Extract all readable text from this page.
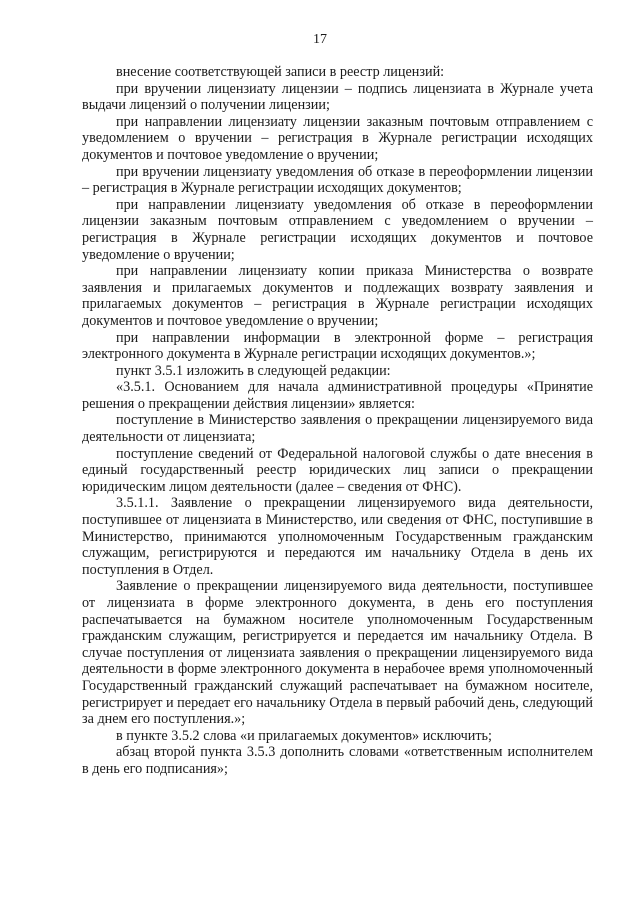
17

внесение соответствующей записи в реестр лицензий:

при вручении лицензиату лицензии – подпись лицензиата в Журнале учета выдачи лицензий о получении лицензии;

при направлении лицензиату лицензии заказным почтовым отправлением с уведомлением о вручении – регистрация в Журнале регистрации исходящих документов и почтовое уведомление о вручении;

при вручении лицензиату уведомления об отказе в переоформлении лицензии – регистрация в Журнале регистрации исходящих документов;

при направлении лицензиату уведомления об отказе в переоформлении лицензии заказным почтовым отправлением с уведомлением о вручении – регистрация в Журнале регистрации исходящих документов и почтовое уведомление о вручении;

при направлении лицензиату копии приказа Министерства о возврате заявления и прилагаемых документов и подлежащих возврату заявления и прилагаемых документов – регистрация в Журнале регистрации исходящих документов и почтовое уведомление о вручении;

при направлении информации в электронной форме – регистрация электронного документа в Журнале регистрации исходящих документов.»;

пункт 3.5.1 изложить в следующей редакции:

«3.5.1. Основанием для начала административной процедуры «Принятие решения о прекращении действия лицензии» является:

поступление в Министерство заявления о прекращении лицензируемого вида деятельности от лицензиата;

поступление сведений от Федеральной налоговой службы о дате внесения в единый государственный реестр юридических лиц записи о прекращении юридическим лицом деятельности (далее – сведения от ФНС).

3.5.1.1. Заявление о прекращении лицензируемого вида деятельности, поступившее от лицензиата в Министерство, или сведения от ФНС, поступившие в Министерство, принимаются уполномоченным Государственным гражданским служащим, регистрируются и передаются им начальнику Отдела в день их поступления в Отдел.

Заявление о прекращении лицензируемого вида деятельности, поступившее от лицензиата в форме электронного документа, в день его поступления распечатывается на бумажном носителе уполномоченным Государственным гражданским служащим, регистрируется и передается им начальнику Отдела. В случае поступления от лицензиата заявления о прекращении лицензируемого вида деятельности в форме электронного документа в нерабочее время уполномоченный Государственный гражданский служащий распечатывает на бумажном носителе, регистрирует и передает его начальнику Отдела в первый рабочий день, следующий за днем его поступления.»;

в пункте 3.5.2 слова «и прилагаемых документов» исключить;

абзац второй пункта 3.5.3 дополнить словами «ответственным исполнителем в день его подписания»;
